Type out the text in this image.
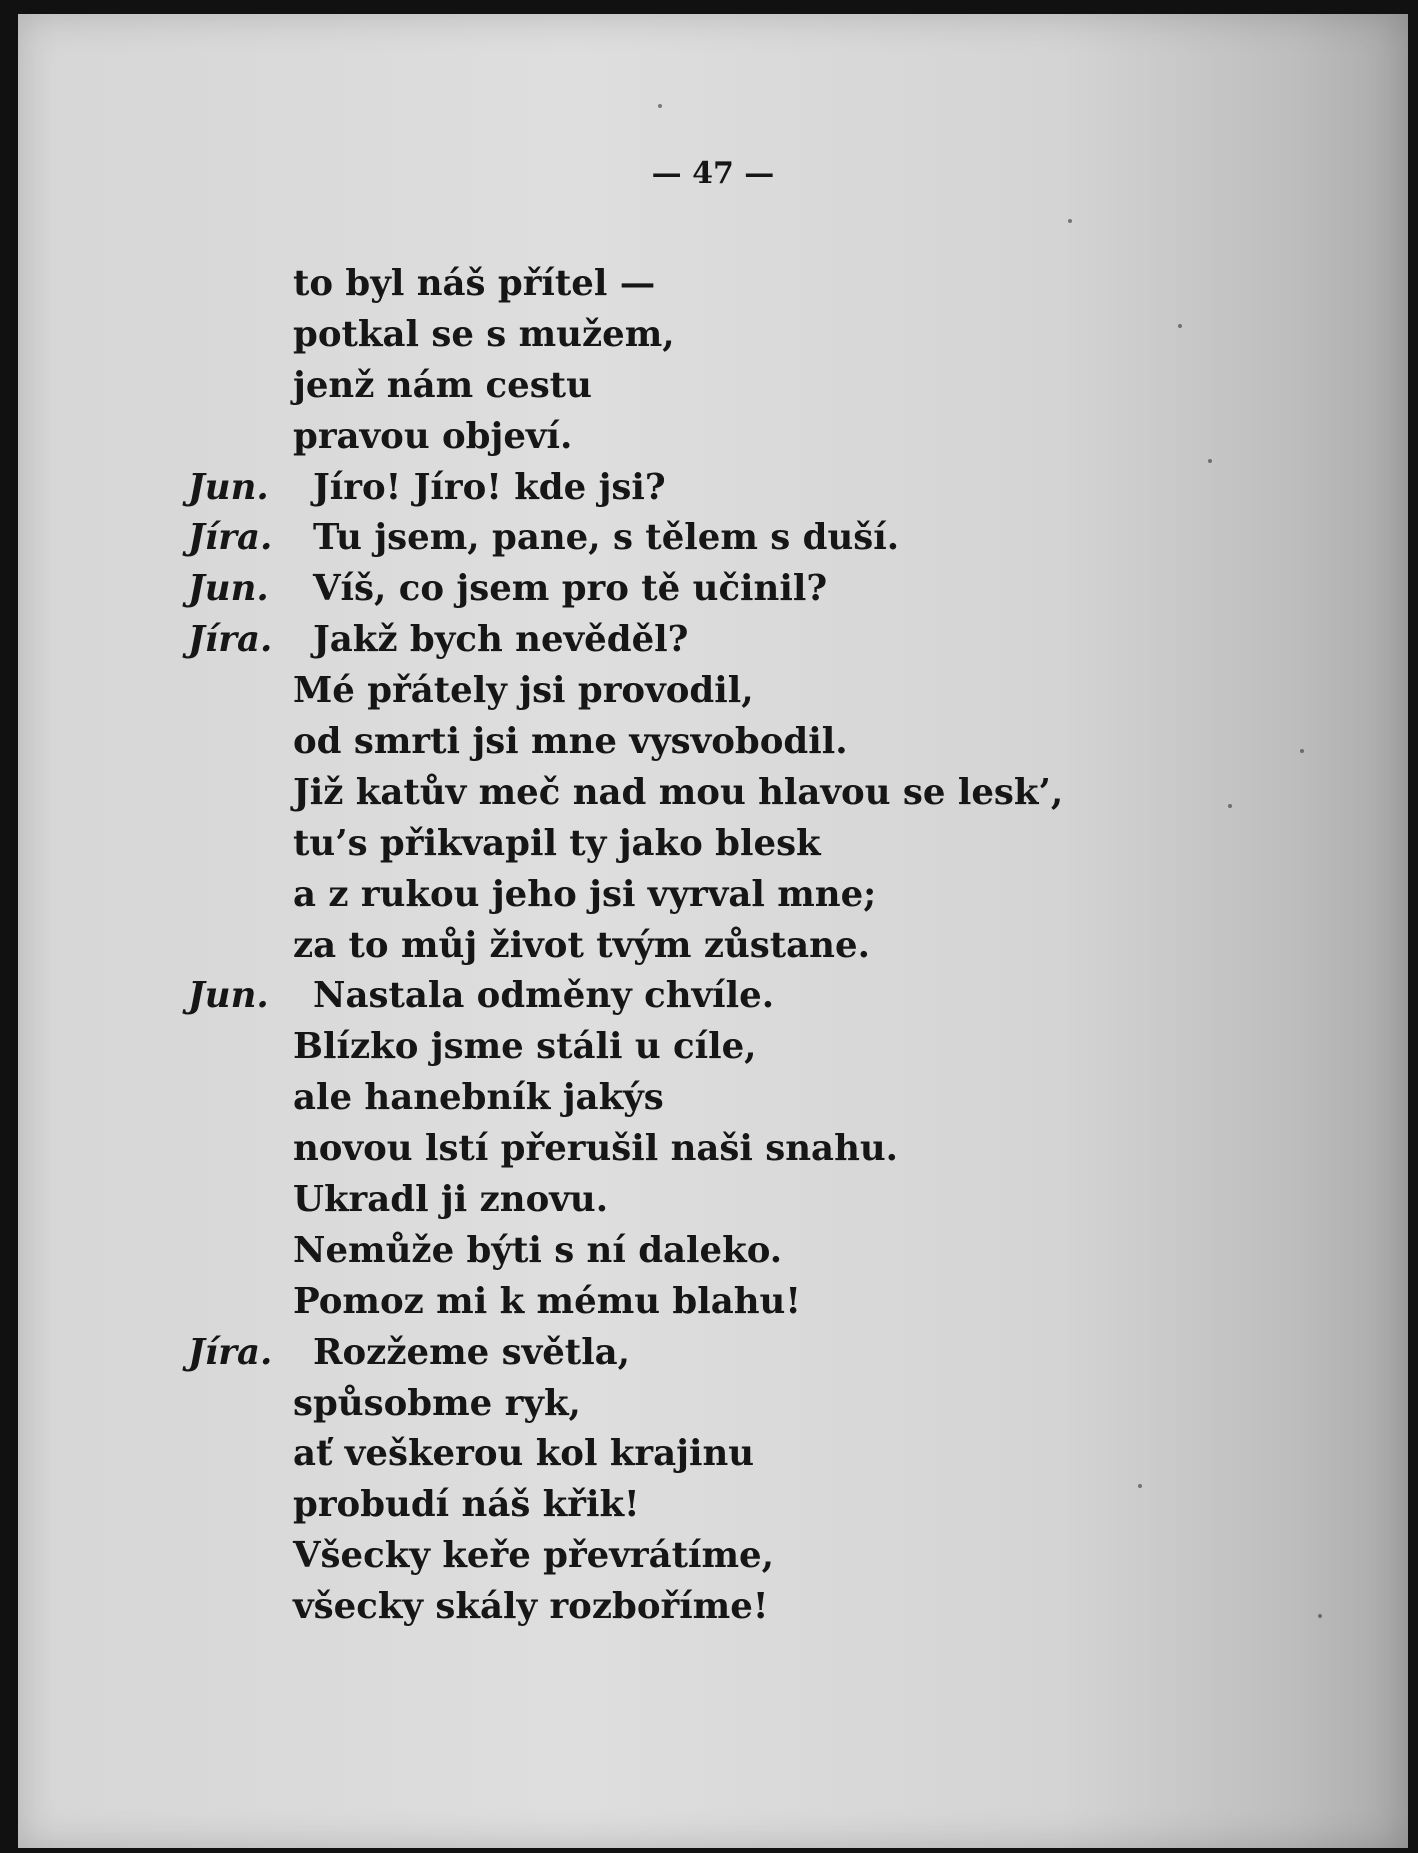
— 47 —
to byl náš přítel —
potkal se s mužem,
jenž nám cestu
pravou objeví.
Jun. Jíro! Jíro! kde jsi?
Jíra. Tu jsem, pane, s tělem s duší.
Jun. Víš, co jsem pro tě učinil?
Jíra. Jakž bych nevěděl?
Mé přátely jsi provodil,
od smrti jsi mne vysvobodil.
Již katův meč nad mou hlavou se lesk’,
tu’s přikvapil ty jako blesk
a z rukou jeho jsi vyrval mne;
za to můj život tvým zůstane.
Jun. Nastala odměny chvíle.
Blízko jsme stáli u cíle,
ale hanebník jakýs
novou lstí přerušil naši snahu.
Ukradl ji znovu.
Nemůže býti s ní daleko.
Pomoz mi k mému blahu!
Jíra. Rozžeme světla,
spůsobme ryk,
ať veškerou kol krajinu
probudí náš křik!
Všecky keře převrátíme,
všecky skály rozboříme!
